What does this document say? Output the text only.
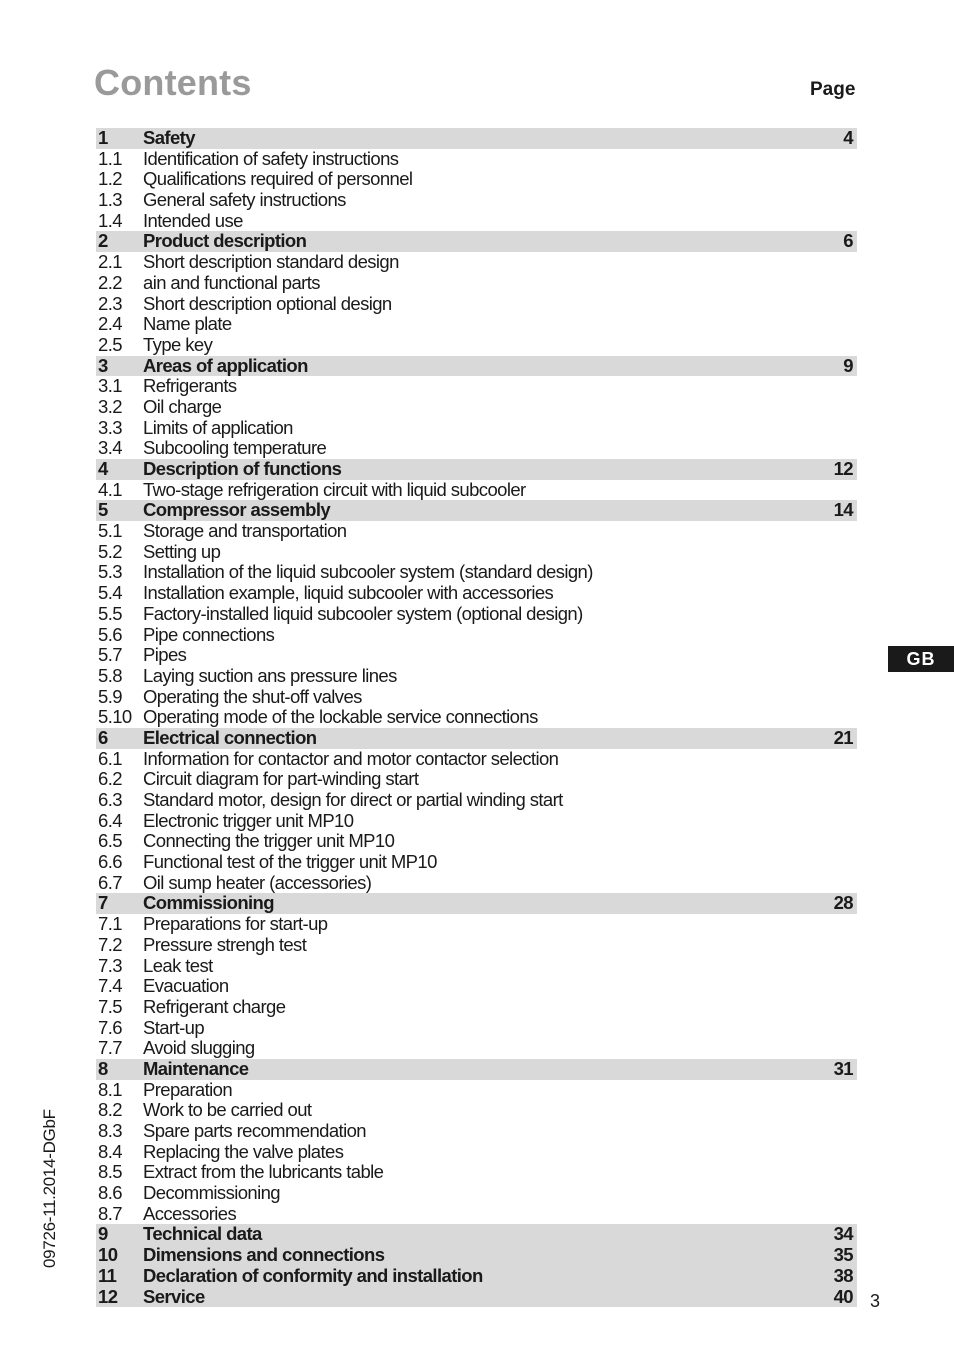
Contents	Page
1	Safety	4
1.1	Identification of safety instructions
1.2	Qualifications required of personnel
1.3	General safety instructions
1.4	Intended use
2	Product description	6
2.1	Short description standard design
2.2	ain and functional parts
2.3	Short description optional design
2.4	Name plate
2.5	Type key
3	Areas of application	9
3.1	Refrigerants
3.2	Oil charge
3.3	Limits of application
3.4	Subcooling temperature
4	Description of functions	12
4.1	Two-stage refrigeration circuit with liquid subcooler
5	Compressor assembly	14
5.1	Storage and transportation
5.2	Setting up
5.3	Installation of the liquid subcooler system (standard design)
5.4	Installation example, liquid subcooler with accessories
5.5	Factory-installed liquid subcooler system (optional design)
5.6	Pipe connections
5.7	Pipes
5.8	Laying suction ans pressure lines
5.9	Operating the shut-off valves
5.10 Operating mode of the lockable service connections
6	Electrical connection	21
6.1	Information for contactor and motor contactor selection
6.2	Circuit diagram for part-winding start
6.3	Standard motor, design for direct or partial winding start
6.4	Electronic trigger unit MP10
6.5	Connecting the trigger unit MP10
6.6	Functional test of the trigger unit MP10
6.7	Oil sump heater (accessories)
7	Commissioning	28
7.1	Preparations for start-up
7.2	Pressure strengh test
7.3	Leak test
7.4	Evacuation
7.5	Refrigerant charge
7.6	Start-up
7.7	Avoid slugging
8	Maintenance	31
8.1	Preparation
8.2	Work to be carried out
8.3	Spare parts recommendation
8.4	Replacing the valve plates
8.5	Extract from the lubricants table
8.6	Decommissioning
8.7	Accessories
9	Technical data	34
10	Dimensions and connections	35
11	Declaration of conformity and installation	38
12	Service	40
GB
09726-11.2014-DGbF
3
